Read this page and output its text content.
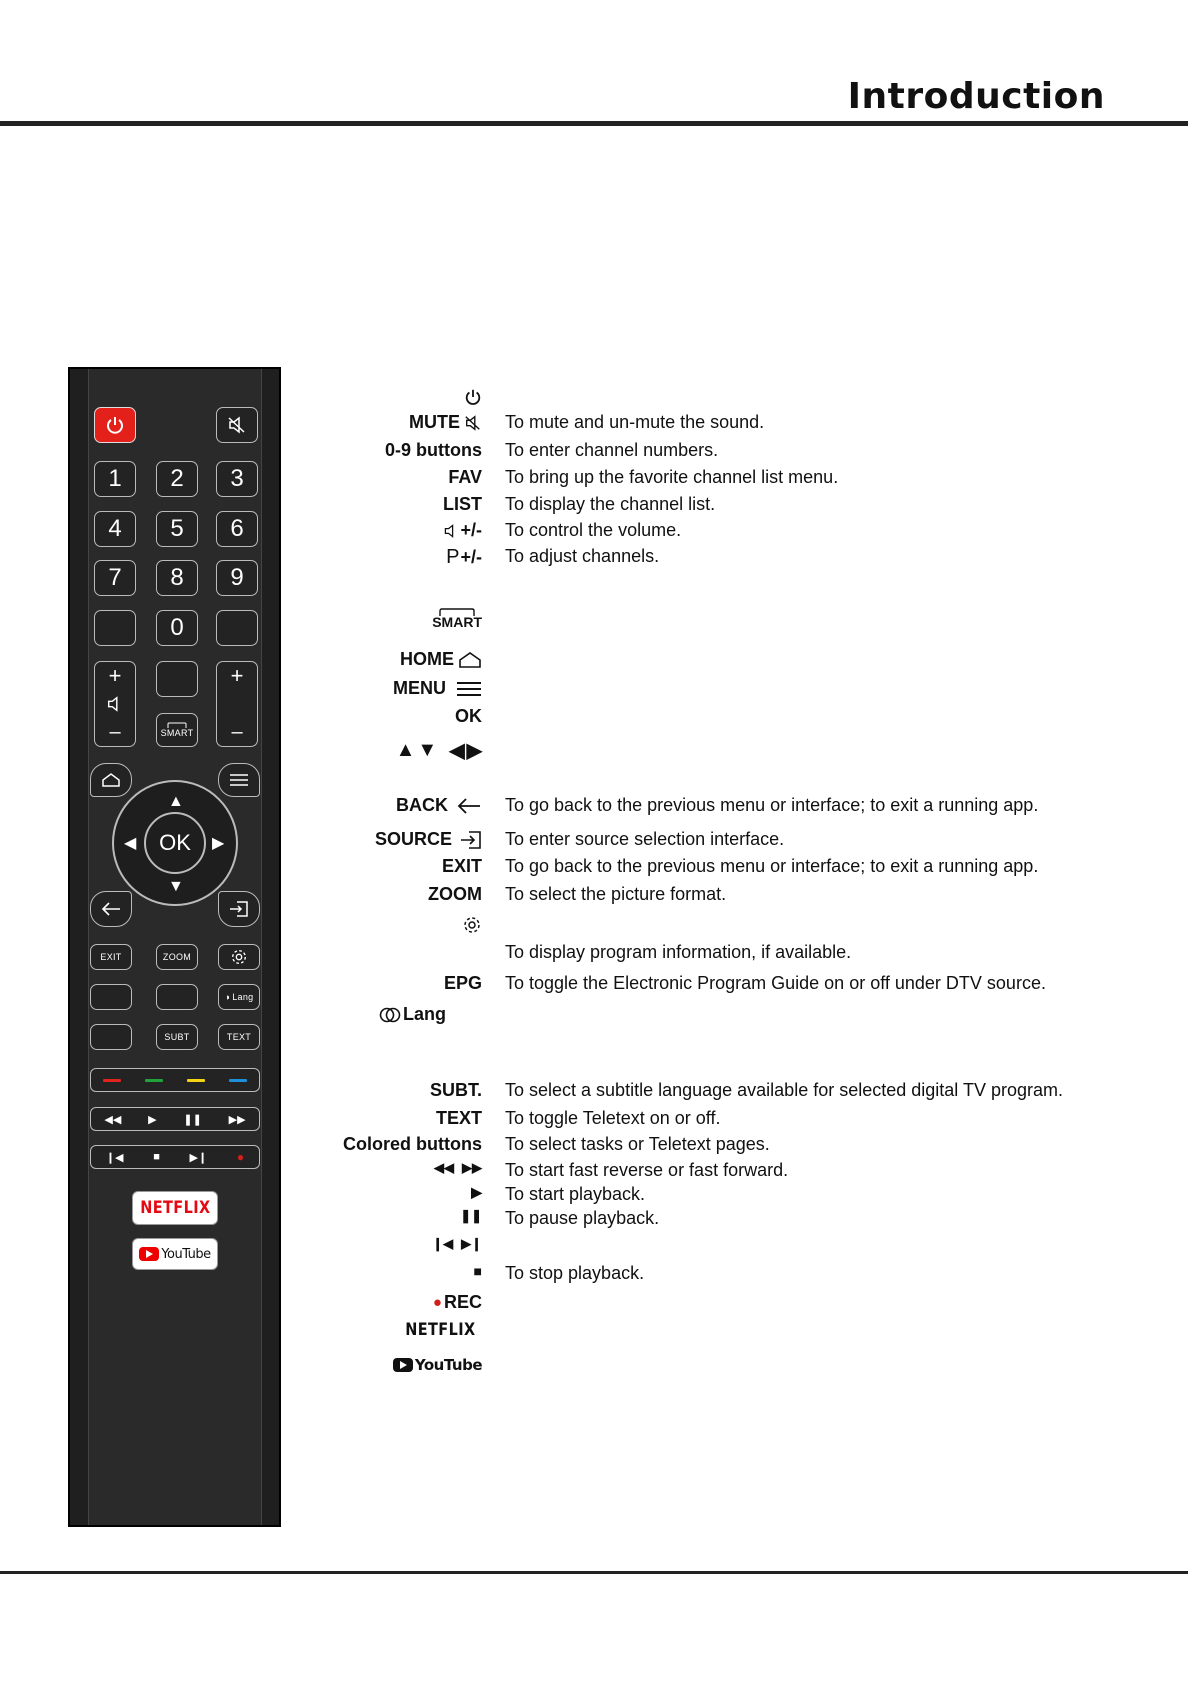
Introduction
1	2	3
4	5	6
7	8	9
0
+
–	SMART
+
–
▲
▼
◀	▶
OK
EXIT	ZOOM
◑ Lang
SUBT	TEXT
◀◀ ▶ ❚❚ ▶▶
❙◀	■	▶❙ ●
NETFLIX
YouTube
MUTE	To mute and un-mute the sound.
0-9 buttons To enter channel numbers.
FAV To bring up the favorite channel list menu.
LIST To display the channel list.
+/- To control the volume.
P +/- To adjust channels.
SMART
HOME
MENU
OK
▲ ▼ ◀ ▶
BACK	To go back to the previous menu or interface; to exit a running app.
SOURCE	To enter source selection interface.
EXIT To go back to the previous menu or interface; to exit a running app.
ZOOM To select the picture format.
To display program information, if available.
EPG To toggle the Electronic Program Guide on or off under DTV source.
Lang
SUBT. To select a subtitle language available for selected digital TV program.
TEXT To toggle Teletext on or off.
Colored buttons To select tasks or Teletext pages.
◀◀ ▶▶ To start fast reverse or fast forward.
▶ To start playback.
❚❚ To pause playback.
❙◀ ▶❙
■ To stop playback.
● REC
NETFLIX
YouTube
